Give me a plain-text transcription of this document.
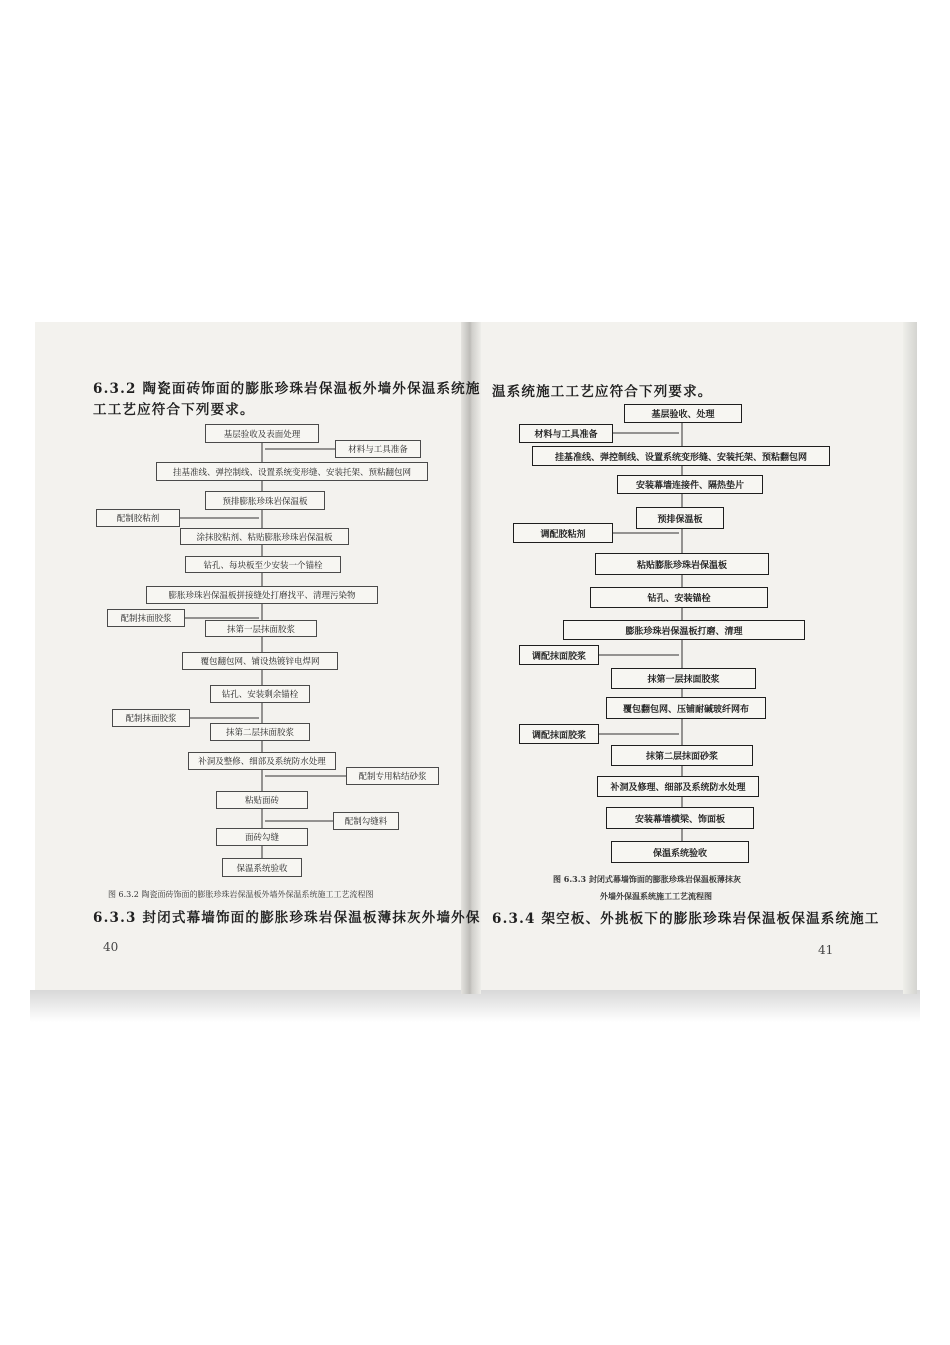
6.3.2 陶瓷面砖饰面的膨胀珍珠岩保温板外墙外保温系统施
工工艺应符合下列要求。
基层验收及表面处理
材料与工具准备
挂基准线、弹控制线、设置系统变形缝、安装托架、预粘翻包网
预排膨胀珍珠岩保温板
配制胶粘剂
涂抹胶粘剂、粘贴膨胀珍珠岩保温板
钻孔、每块板至少安装一个锚栓
膨胀珍珠岩保温板拼接缝处打磨找平、清理污染物
配制抹面胶浆
抹第一层抹面胶浆
覆包翻包网、铺设热镀锌电焊网
钻孔、安装剩余锚栓
配制抹面胶浆
抹第二层抹面胶浆
补洞及整修、细部及系统防水处理
配制专用粘结砂浆
粘贴面砖
配制勾缝料
面砖勾缝
保温系统验收
图 6.3.2 陶瓷面砖饰面的膨胀珍珠岩保温板外墙外保温系统施工工艺流程图
6.3.3 封闭式幕墙饰面的膨胀珍珠岩保温板薄抹灰外墙外保
40
温系统施工工艺应符合下列要求。
基层验收、处理
材料与工具准备
挂基准线、弹控制线、设置系统变形缝、安装托架、预粘翻包网
安装幕墙连接件、隔热垫片
预排保温板
调配胶粘剂
粘贴膨胀珍珠岩保温板
钻孔、安装锚栓
膨胀珍珠岩保温板打磨、清理
调配抹面胶浆
抹第一层抹面胶浆
覆包翻包网、压铺耐碱玻纤网布
调配抹面胶浆
抹第二层抹面砂浆
补洞及修理、细部及系统防水处理
安装幕墙横梁、饰面板
保温系统验收
图 6.3.3 封闭式幕墙饰面的膨胀珍珠岩保温板薄抹灰
外墙外保温系统施工工艺流程图
6.3.4 架空板、外挑板下的膨胀珍珠岩保温板保温系统施工
41
